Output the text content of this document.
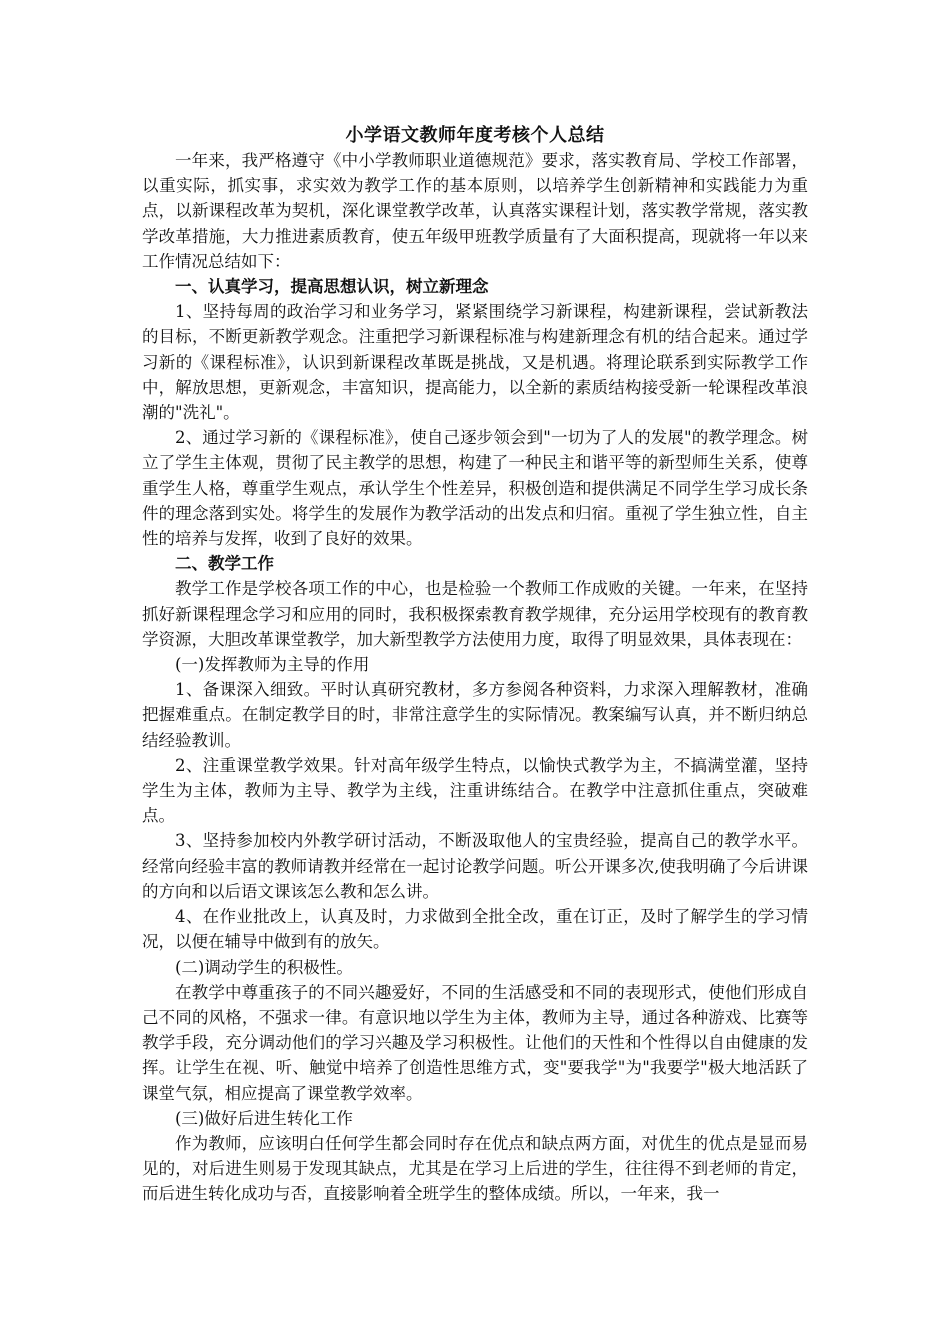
小学语文教师年度考核个人总结

一年来，我严格遵守《中小学教师职业道德规范》要求，落实教育局、学校工作部署，以重实际，抓实事，求实效为教学工作的基本原则，以培养学生创新精神和实践能力为重点，以新课程改革为契机，深化课堂教学改革，认真落实课程计划，落实教学常规，落实教学改革措施，大力推进素质教育，使五年级甲班教学质量有了大面积提高，现就将一年以来工作情况总结如下：

一、认真学习，提高思想认识，树立新理念

1、坚持每周的政治学习和业务学习，紧紧围绕学习新课程，构建新课程，尝试新教法的目标，不断更新教学观念。注重把学习新课程标准与构建新理念有机的结合起来。通过学习新的《课程标准》，认识到新课程改革既是挑战，又是机遇。将理论联系到实际教学工作中，解放思想，更新观念，丰富知识，提高能力，以全新的素质结构接受新一轮课程改革浪潮的"洗礼"。

2、通过学习新的《课程标准》，使自己逐步领会到"一切为了人的发展"的教学理念。树立了学生主体观，贯彻了民主教学的思想，构建了一种民主和谐平等的新型师生关系，使尊重学生人格，尊重学生观点，承认学生个性差异，积极创造和提供满足不同学生学习成长条件的理念落到实处。将学生的发展作为教学活动的出发点和归宿。重视了学生独立性，自主性的培养与发挥，收到了良好的效果。

二、教学工作

教学工作是学校各项工作的中心，也是检验一个教师工作成败的关键。一年来，在坚持抓好新课程理念学习和应用的同时，我积极探索教育教学规律，充分运用学校现有的教育教学资源，大胆改革课堂教学，加大新型教学方法使用力度，取得了明显效果，具体表现在：

(一)发挥教师为主导的作用

1、备课深入细致。平时认真研究教材，多方参阅各种资料，力求深入理解教材，准确把握难重点。在制定教学目的时，非常注意学生的实际情况。教案编写认真，并不断归纳总结经验教训。

2、注重课堂教学效果。针对高年级学生特点，以愉快式教学为主，不搞满堂灌，坚持学生为主体，教师为主导、教学为主线，注重讲练结合。在教学中注意抓住重点，突破难点。

3、坚持参加校内外教学研讨活动，不断汲取他人的宝贵经验，提高自己的教学水平。经常向经验丰富的教师请教并经常在一起讨论教学问题。听公开课多次,使我明确了今后讲课的方向和以后语文课该怎么教和怎么讲。

4、在作业批改上，认真及时，力求做到全批全改，重在订正，及时了解学生的学习情况，以便在辅导中做到有的放矢。

(二)调动学生的积极性。

在教学中尊重孩子的不同兴趣爱好，不同的生活感受和不同的表现形式，使他们形成自己不同的风格，不强求一律。有意识地以学生为主体，教师为主导，通过各种游戏、比赛等教学手段，充分调动他们的学习兴趣及学习积极性。让他们的天性和个性得以自由健康的发挥。让学生在视、听、触觉中培养了创造性思维方式，变"要我学"为"我要学"极大地活跃了课堂气氛，相应提高了课堂教学效率。

(三)做好后进生转化工作

作为教师，应该明白任何学生都会同时存在优点和缺点两方面，对优生的优点是显而易见的，对后进生则易于发现其缺点，尤其是在学习上后进的学生，往往得不到老师的肯定，而后进生转化成功与否，直接影响着全班学生的整体成绩。所以，一年来，我一
